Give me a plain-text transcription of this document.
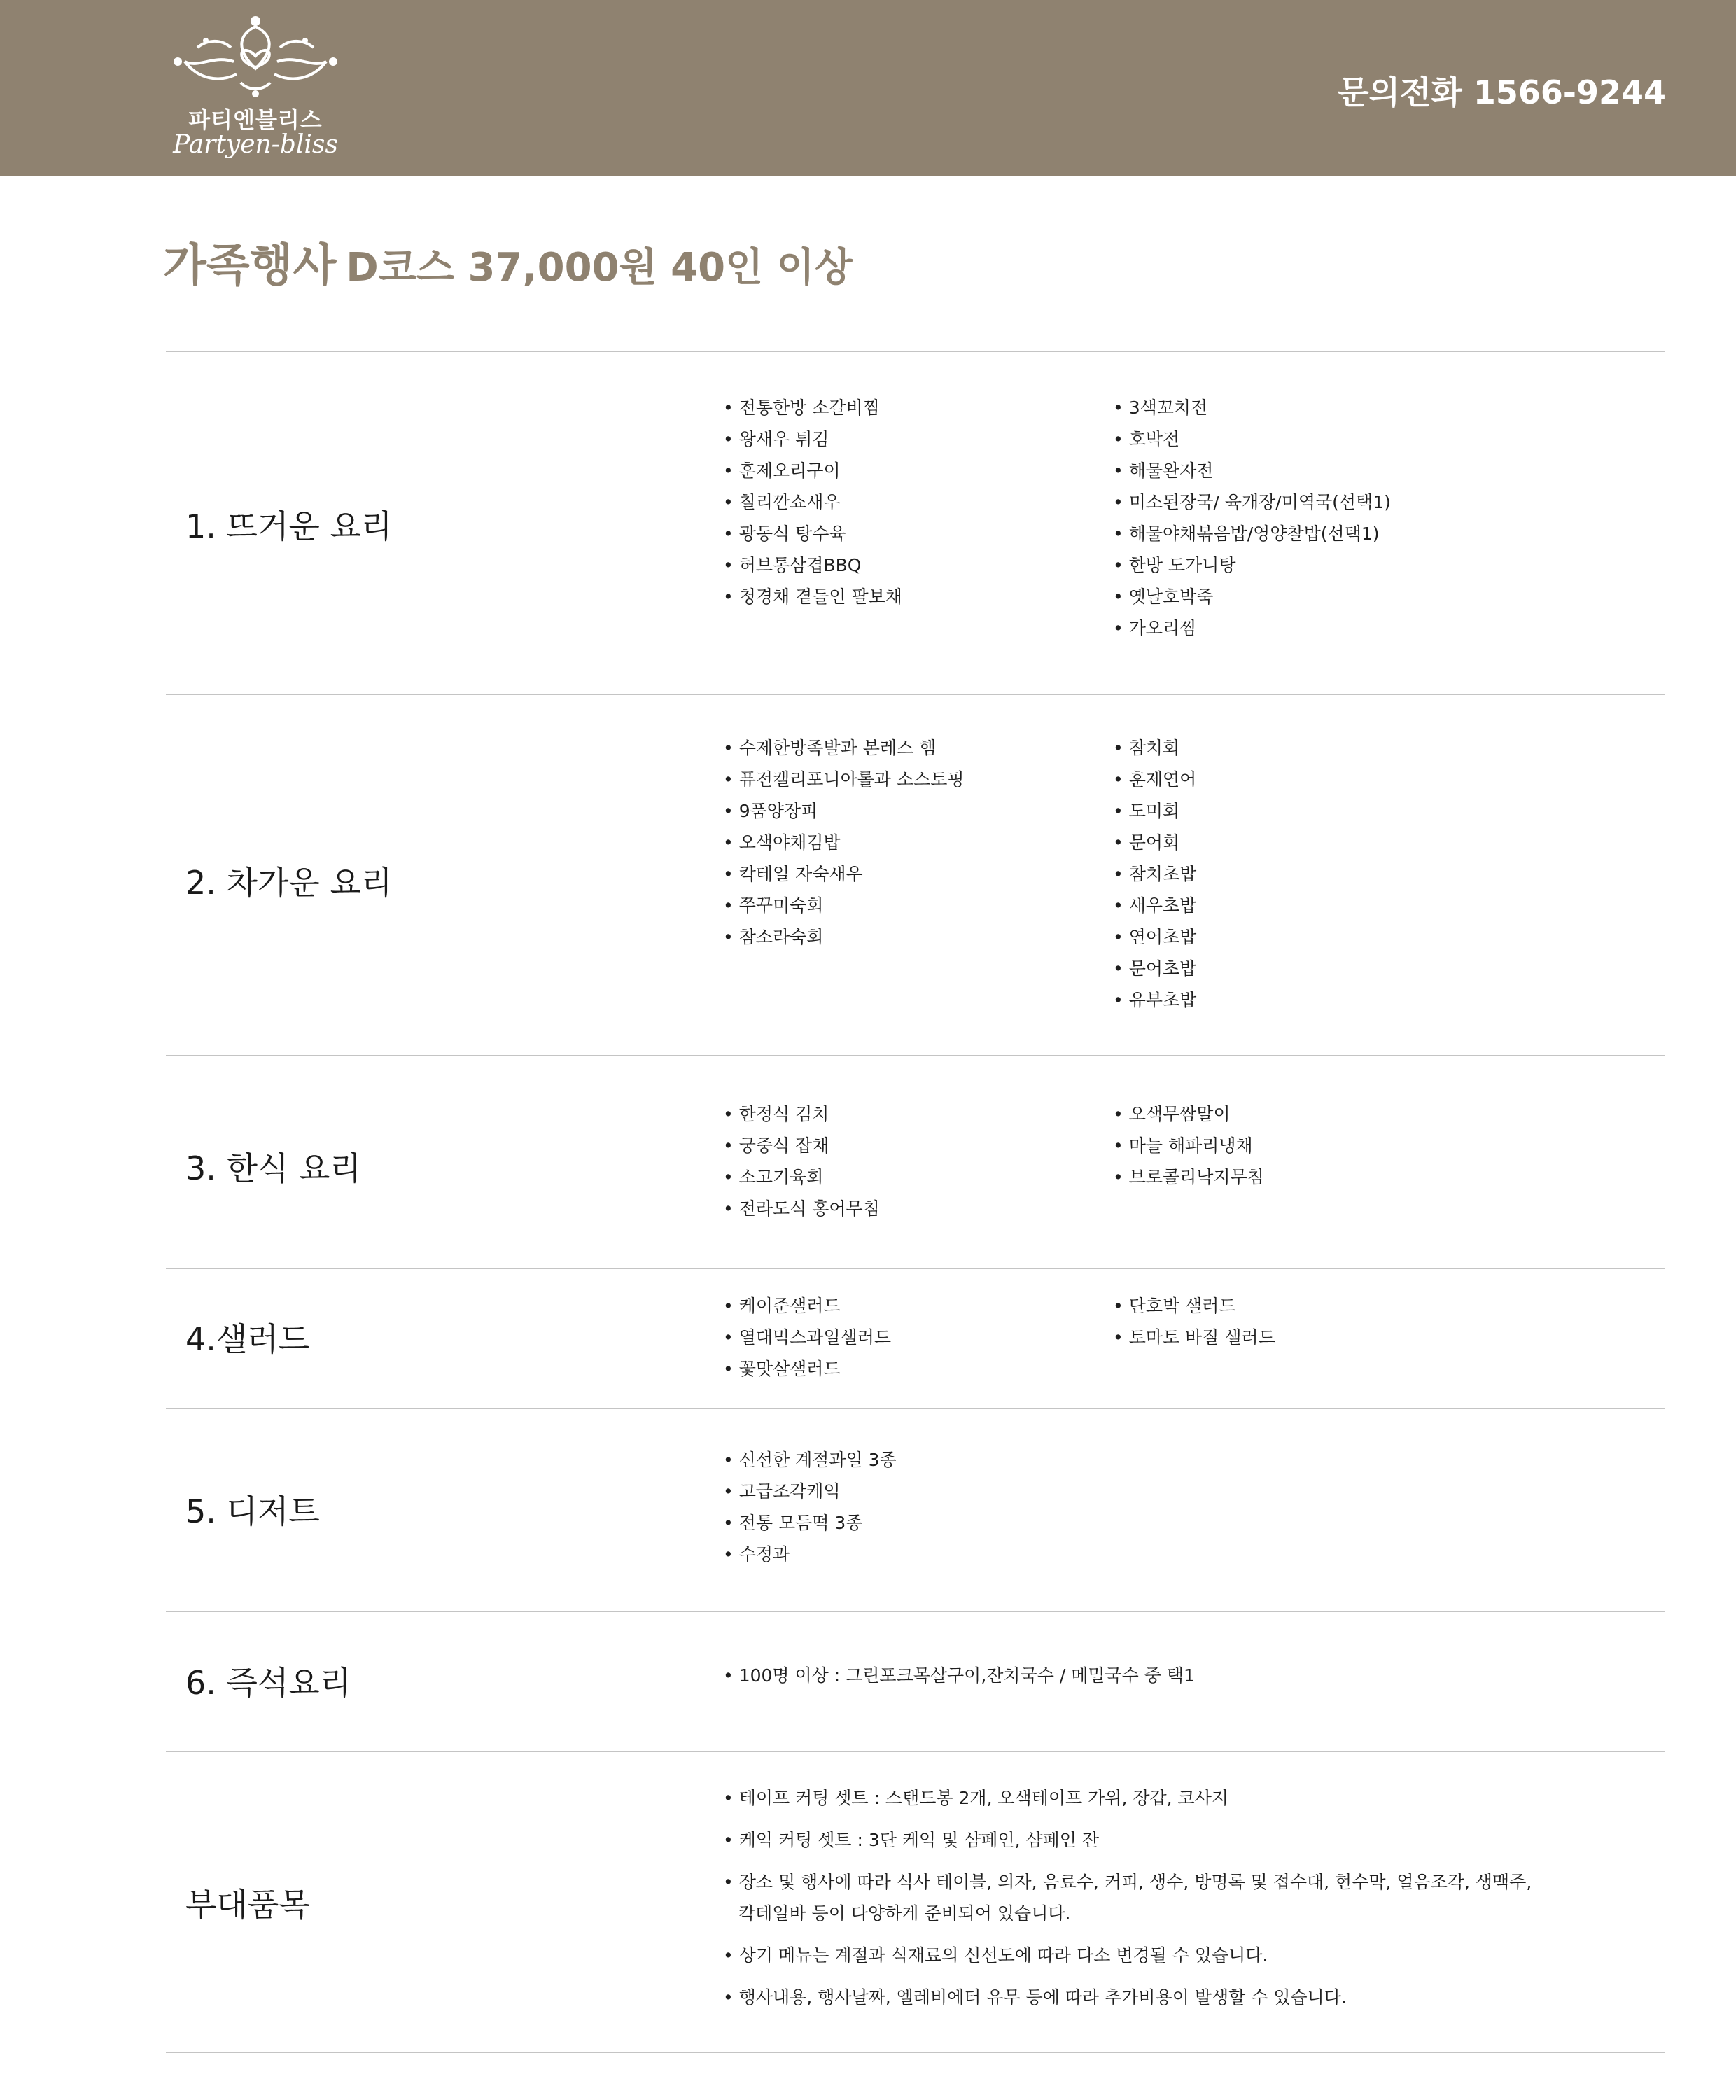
파티엔블리스
Partyen-bliss
문의전화 1566-9244
가족행사 D코스 37,000원 40인 이상
1. 뜨거운 요리
• 전통한방 소갈비찜
• 왕새우 튀김
• 훈제오리구이
• 칠리깐쇼새우
• 광동식 탕수육
• 허브통삼겹BBQ
• 청경채 곁들인 팔보채
• 3색꼬치전
• 호박전
• 해물완자전
• 미소된장국/ 육개장/미역국(선택1)
• 해물야채볶음밥/영양찰밥(선택1)
• 한방 도가니탕
• 옛날호박죽
• 가오리찜
2. 차가운 요리
• 수제한방족발과 본레스 햄
• 퓨전캘리포니아롤과 소스토핑
• 9품양장피
• 오색야채김밥
• 칵테일 자숙새우
• 쭈꾸미숙회
• 참소라숙회
• 참치회
• 훈제연어
• 도미회
• 문어회
• 참치초밥
• 새우초밥
• 연어초밥
• 문어초밥
• 유부초밥
3. 한식 요리
• 한정식 김치
• 궁중식 잡채
• 소고기육회
• 전라도식 홍어무침
• 오색무쌈말이
• 마늘 해파리냉채
• 브로콜리낙지무침
4.샐러드
• 케이준샐러드
• 열대믹스과일샐러드
• 꽃맛살샐러드
• 단호박 샐러드
• 토마토 바질 샐러드
5. 디저트
• 신선한 계절과일 3종
• 고급조각케익
• 전통 모듬떡 3종
• 수정과
6. 즉석요리
•	100명 이상 : 그린포크목살구이,잔치국수 / 메밀국수 중 택1
부대품목
• 테이프 커팅 셋트 : 스탠드봉 2개, 오색테이프 가위, 장갑, 코사지
• 케익 커팅 셋트 : 3단 케익 및 샴페인, 샴페인 잔
• 장소 및 행사에 따라 식사 테이블, 의자, 음료수, 커피, 생수, 방명록 및 접수대, 현수막, 얼음조각, 생맥주, 칵테일바 등이 다양하게 준비되어 있습니다.
• 상기 메뉴는 계절과 식재료의 신선도에 따라 다소 변경될 수 있습니다.
• 행사내용, 행사날짜, 엘레비에터 유무 등에 따라 추가비용이 발생할 수 있습니다.
